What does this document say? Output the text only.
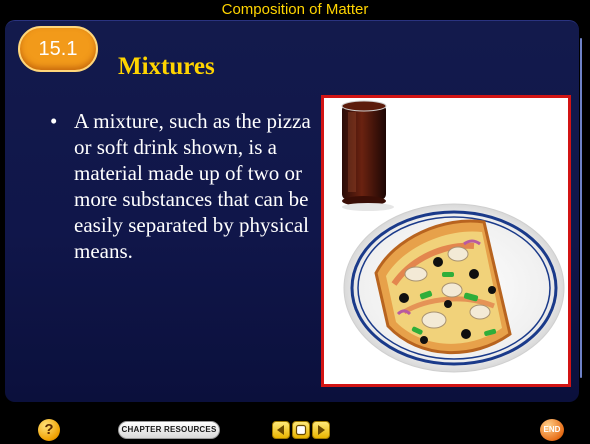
Composition of Matter
15.1
Mixtures
• A mixture, such as the pizza or soft drink shown, is a material made up of two or more substances that can be easily separated by physical means.
?	CHAPTER RESOURCES	END
